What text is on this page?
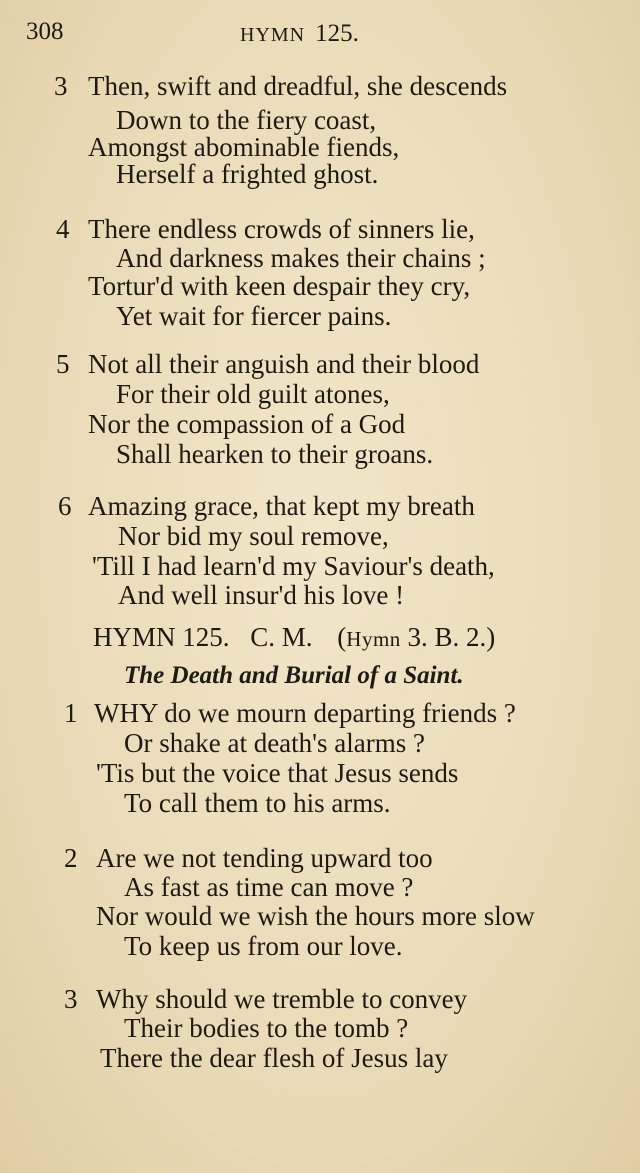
308	HYMN 125.
3 Then, swift and dreadful, she descends
Down to the fiery coast,
Amongst abominable fiends,
Herself a frighted ghost.
4 There endless crowds of sinners lie,
And darkness makes their chains ;
Tortur'd with keen despair they cry,
Yet wait for fiercer pains.
5 Not all their anguish and their blood
For their old guilt atones,
Nor the compassion of a God
Shall hearken to their groans.
6 Amazing grace, that kept my breath
Nor bid my soul remove,
'Till I had learn'd my Saviour's death,
And well insur'd his love !
HYMN 125. C. M. (Hymn 3. B. 2.)
The Death and Burial of a Saint.
1 WHY do we mourn departing friends ?
Or shake at death's alarms ?
'Tis but the voice that Jesus sends
To call them to his arms.
2 Are we not tending upward too
As fast as time can move ?
Nor would we wish the hours more slow
To keep us from our love.
3 Why should we tremble to convey
Their bodies to the tomb ?
There the dear flesh of Jesus lay
